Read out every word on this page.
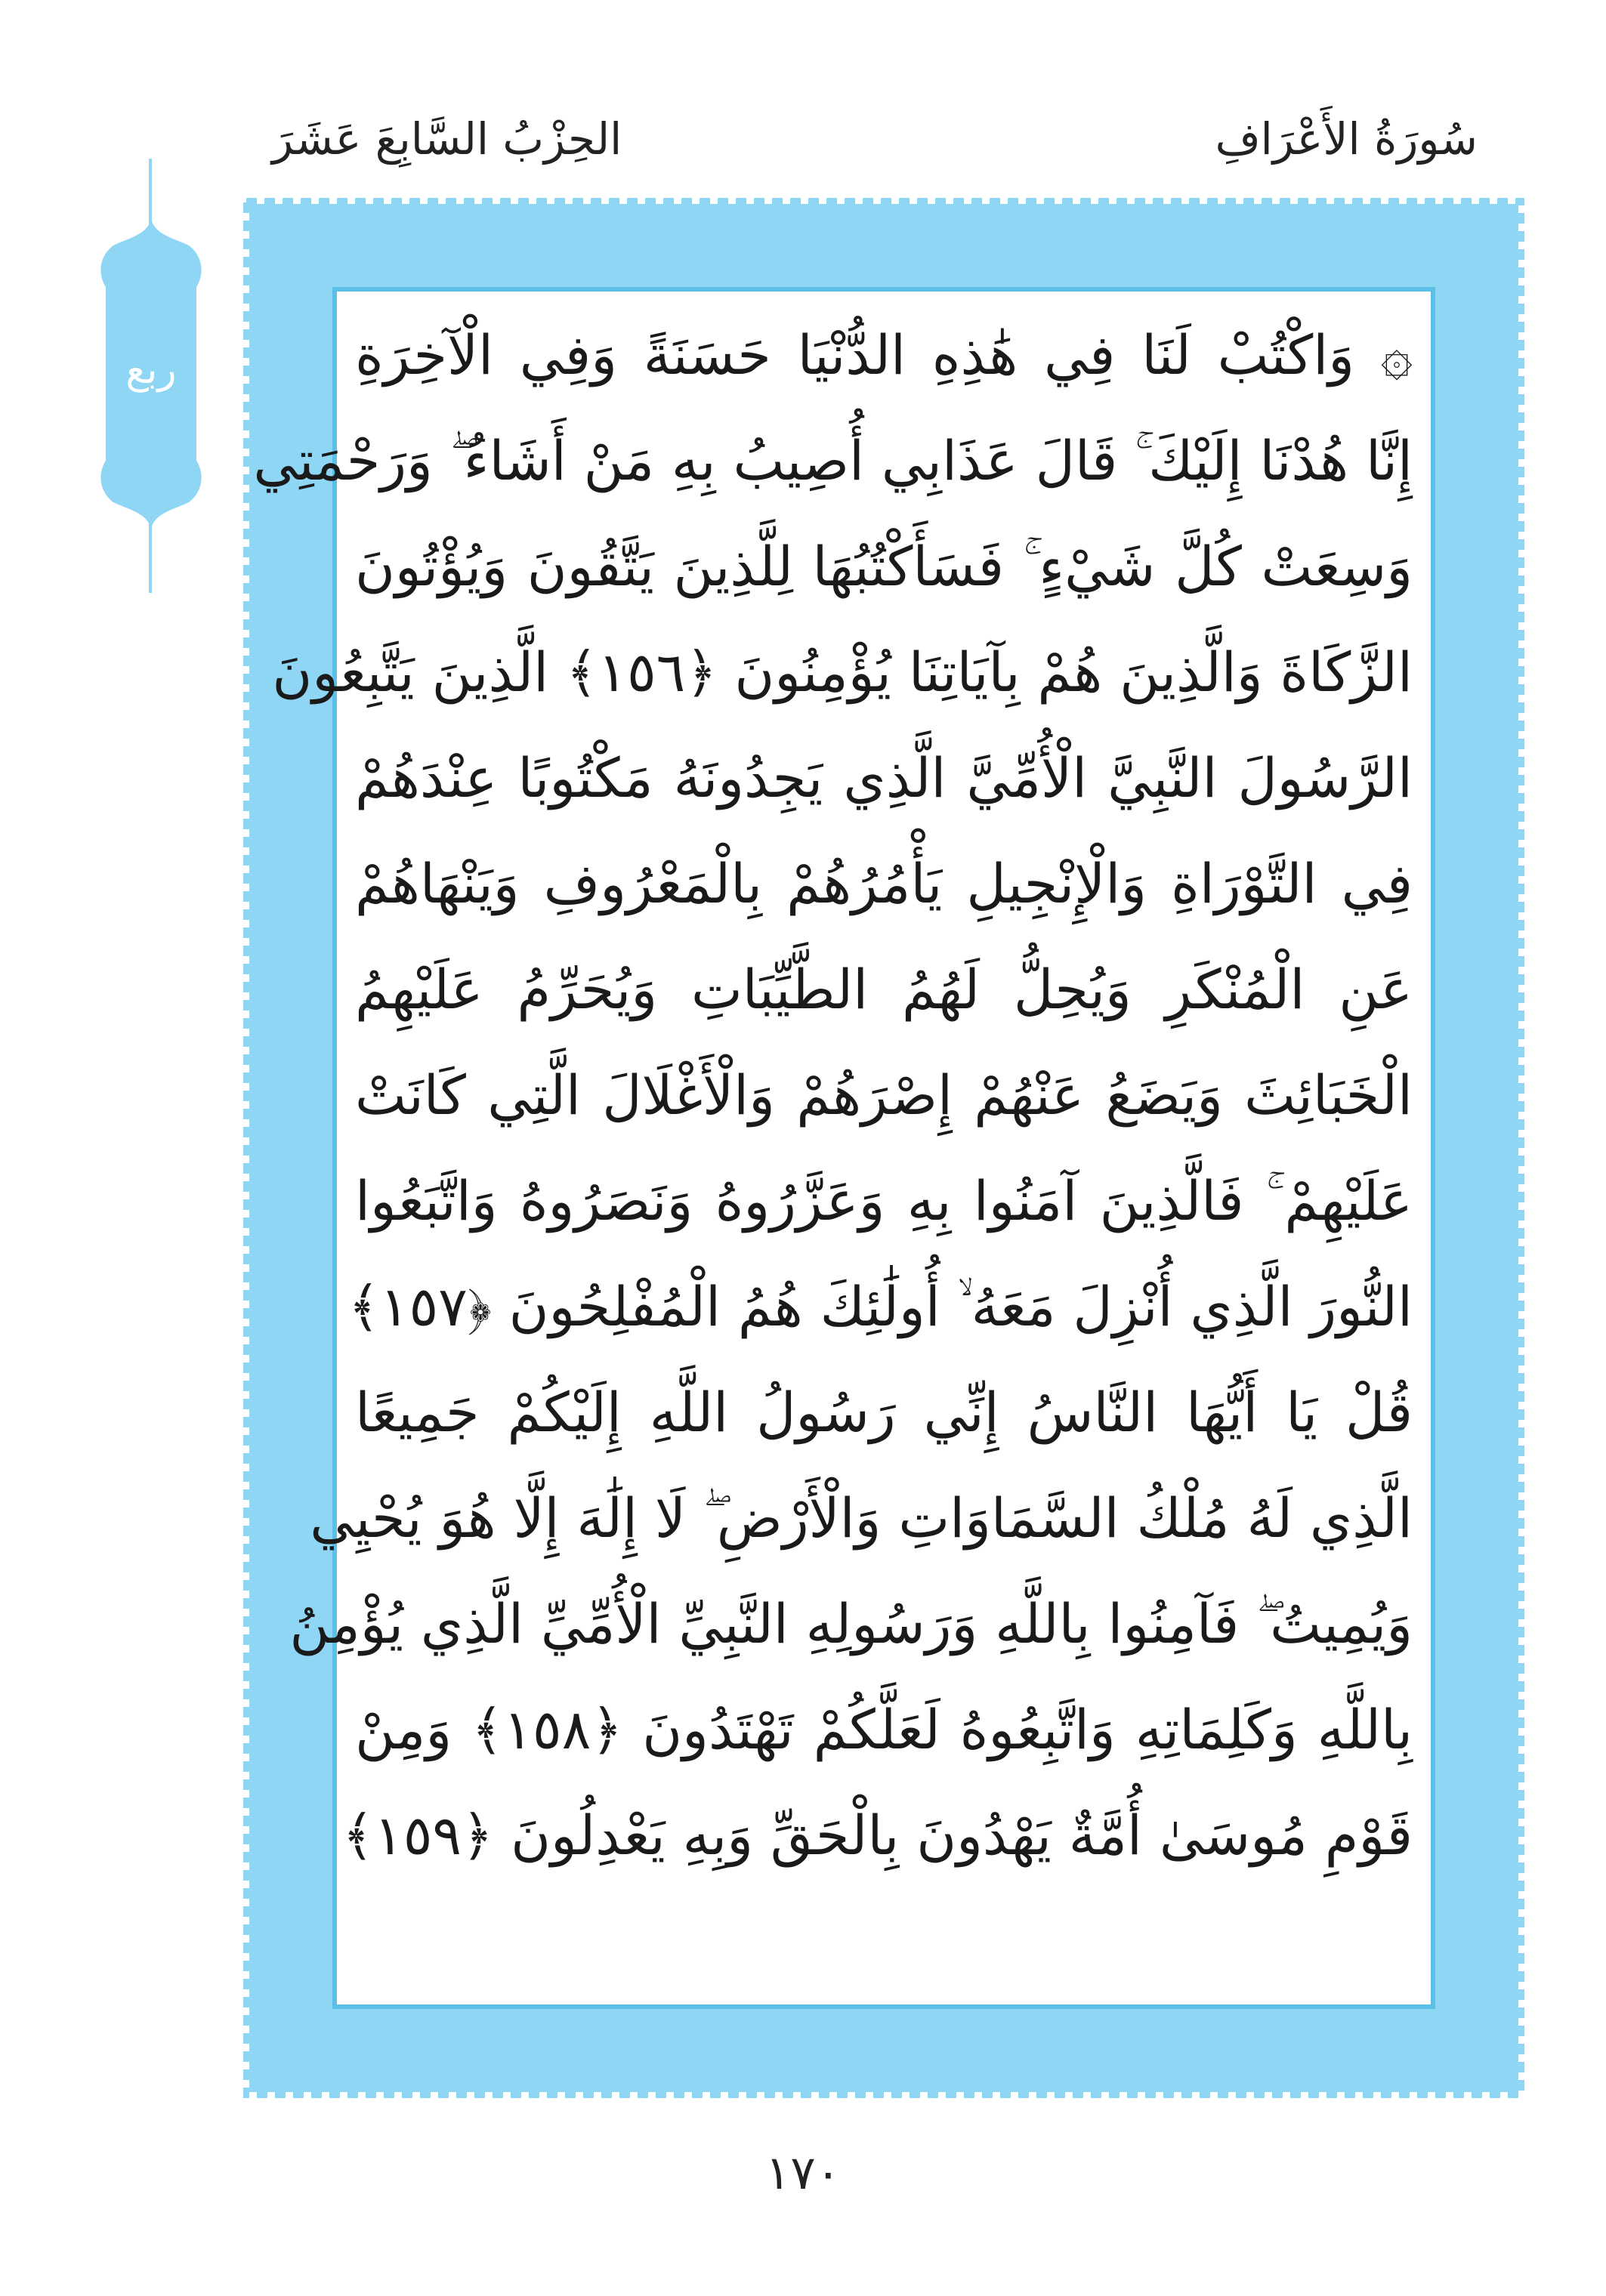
سُورَةُ الأَعْرَافِ
الحِزْبُ السَّابِعَ عَشَرَ
ربع	۞ وَاكْتُبْ لَنَا فِي هَٰذِهِ الدُّنْيَا حَسَنَةً وَفِي الْآخِرَةِ
إِنَّا هُدْنَا إِلَيْكَ ۚ قَالَ عَذَابِي أُصِيبُ بِهِ مَنْ أَشَاءُ ۖ وَرَحْمَتِي
وَسِعَتْ كُلَّ شَيْءٍ ۚ فَسَأَكْتُبُهَا لِلَّذِينَ يَتَّقُونَ وَيُؤْتُونَ
الزَّكَاةَ وَالَّذِينَ هُمْ بِآيَاتِنَا يُؤْمِنُونَ ﴿١٥٦﴾ الَّذِينَ يَتَّبِعُونَ
الرَّسُولَ النَّبِيَّ الْأُمِّيَّ الَّذِي يَجِدُونَهُ مَكْتُوبًا عِنْدَهُمْ
فِي التَّوْرَاةِ وَالْإِنْجِيلِ يَأْمُرُهُمْ بِالْمَعْرُوفِ وَيَنْهَاهُمْ
عَنِ الْمُنْكَرِ وَيُحِلُّ لَهُمُ الطَّيِّبَاتِ وَيُحَرِّمُ عَلَيْهِمُ
الْخَبَائِثَ وَيَضَعُ عَنْهُمْ إِصْرَهُمْ وَالْأَغْلَالَ الَّتِي كَانَتْ
عَلَيْهِمْ ۚ فَالَّذِينَ آمَنُوا بِهِ وَعَزَّرُوهُ وَنَصَرُوهُ وَاتَّبَعُوا
النُّورَ الَّذِي أُنْزِلَ مَعَهُ ۙ أُولَٰئِكَ هُمُ الْمُفْلِحُونَ ﴿١٥٧﴾
قُلْ يَا أَيُّهَا النَّاسُ إِنِّي رَسُولُ اللَّهِ إِلَيْكُمْ جَمِيعًا
الَّذِي لَهُ مُلْكُ السَّمَاوَاتِ وَالْأَرْضِ ۖ لَا إِلَٰهَ إِلَّا هُوَ يُحْيِي
وَيُمِيتُ ۖ فَآمِنُوا بِاللَّهِ وَرَسُولِهِ النَّبِيِّ الْأُمِّيِّ الَّذِي يُؤْمِنُ
بِاللَّهِ وَكَلِمَاتِهِ وَاتَّبِعُوهُ لَعَلَّكُمْ تَهْتَدُونَ ﴿١٥٨﴾ وَمِنْ
قَوْمِ مُوسَىٰ أُمَّةٌ يَهْدُونَ بِالْحَقِّ وَبِهِ يَعْدِلُونَ ﴿١٥٩﴾
١٧٠
